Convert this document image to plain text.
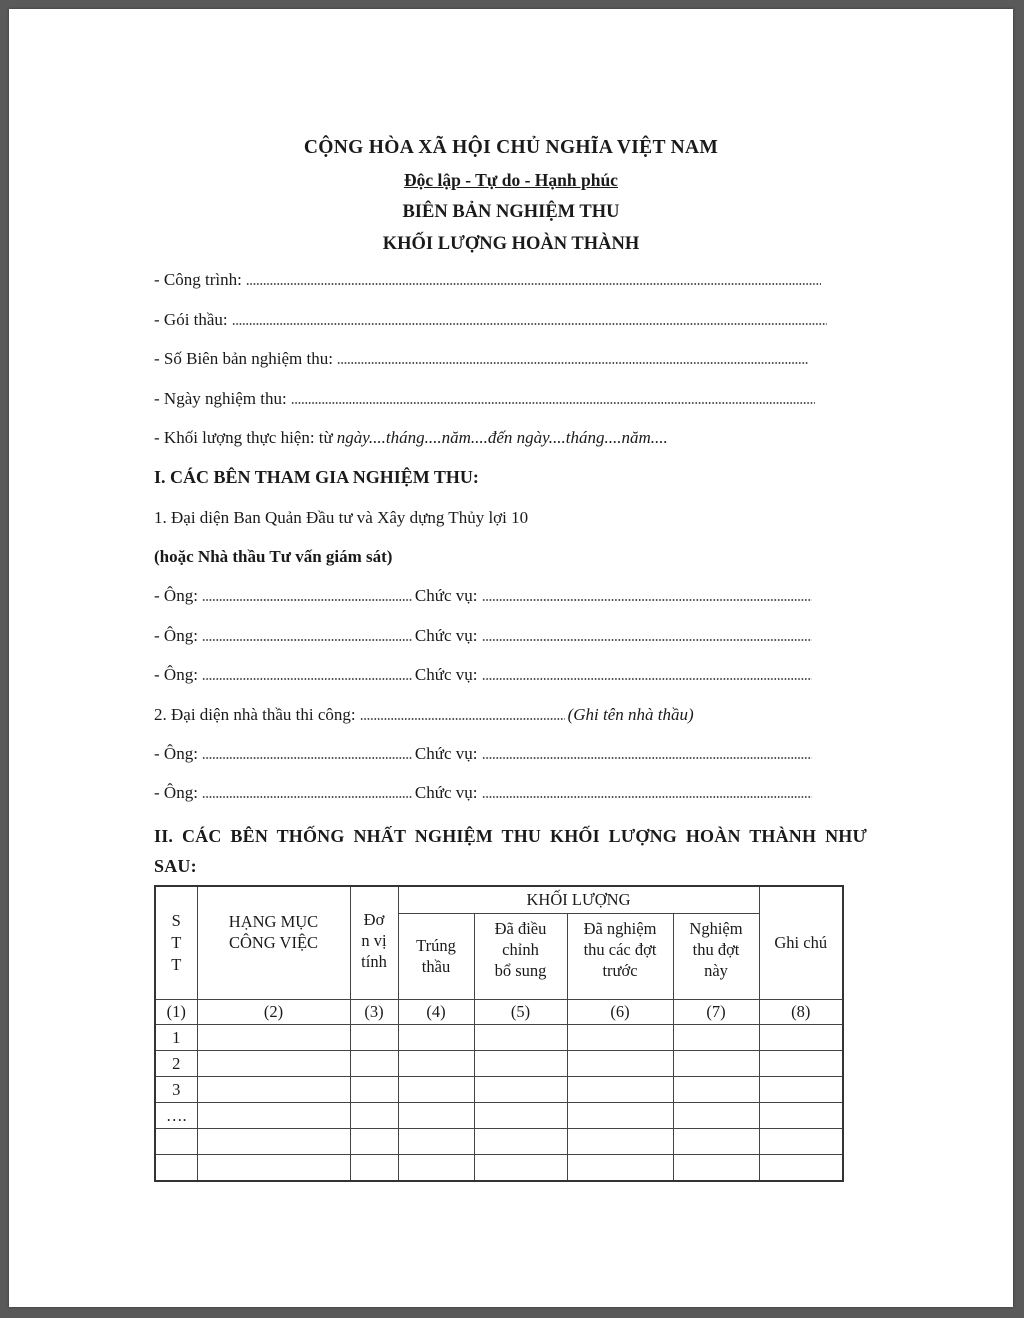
CỘNG HÒA XÃ HỘI CHỦ NGHĨA VIỆT NAM
Độc lập - Tự do - Hạnh phúc
BIÊN BẢN NGHIỆM THU
KHỐI LƯỢNG HOÀN THÀNH
- Công trình:
- Gói thầu:
- Số Biên bản nghiệm thu:
- Ngày nghiệm thu:
- Khối lượng thực hiện: từ ngày....tháng....năm....đến ngày....tháng....năm....
I. CÁC BÊN THAM GIA NGHIỆM THU:
1. Đại diện Ban Quản Đầu tư và Xây dựng Thủy lợi 10
(hoặc Nhà thầu Tư vấn giám sát)
- Ông:	Chức vụ:
- Ông:	Chức vụ:
- Ông:	Chức vụ:
2. Đại diện nhà thầu thi công:	(Ghi tên nhà thầu)
- Ông:	Chức vụ:
- Ông:	Chức vụ:
II. CÁC BÊN THỐNG NHẤT NGHIỆM THU KHỐI LƯỢNG HOÀN THÀNH NHƯ SAU:
S T T	HẠNG MỤC CÔNG VIỆC	Đơ n vị tính	KHỐI LƯỢNG				Ghi chú

			Trúng thầu	Đã điều chỉnh bổ sung	Đã nghiệm thu các đợt trước	Nghiệm thu đợt này	

(1)	(2)	(3)	(4)	(5)	(6)	(7)	(8)
1							
2							
3							
….							
